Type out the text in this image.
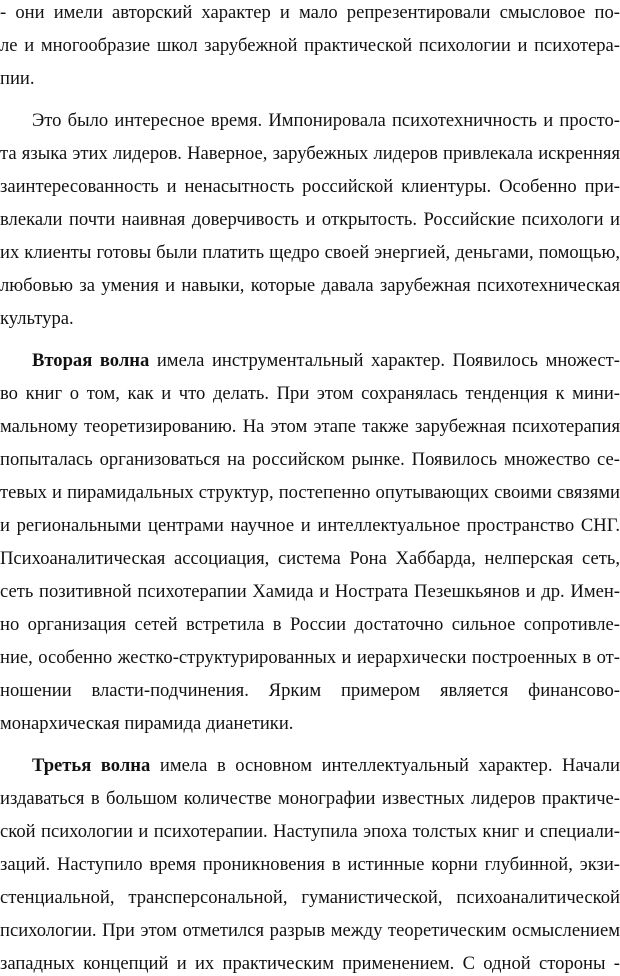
- они имели авторский характер и мало репрезентировали смысловое по-
ле и многообразие школ зарубежной практической психологии и психотера-
пии.
Это было интересное время. Импонировала психотехничность и просто-
та языка этих лидеров. Наверное, зарубежных лидеров привлекала искренняя
заинтересованность и ненасытность российской клиентуры. Особенно при-
влекали почти наивная доверчивость и открытость. Российские психологи и
их клиенты готовы были платить щедро своей энергией, деньгами, помощью,
любовью за умения и навыки, которые давала зарубежная психотехническая
культура.
Вторая волна имела инструментальный характер. Появилось множест-
во книг о том, как и что делать. При этом сохранялась тенденция к мини-
мальному теоретизированию. На этом этапе также зарубежная психотерапия
попыталась организоваться на российском рынке. Появилось множество се-
тевых и пирамидальных структур, постепенно опутывающих своими связями
и региональными центрами научное и интеллектуальное пространство СНГ.
Психоаналитическая ассоциация, система Рона Хаббарда, нелперская сеть,
сеть позитивной психотерапии Хамида и Нострата Пезешкьянов и др. Имен-
но организация сетей встретила в России достаточно сильное сопротивле-
ние, особенно жестко-структурированных и иерархически построенных в от-
ношении власти-подчинения. Ярким примером является финансово-
монархическая пирамида дианетики.
Третья волна имела в основном интеллектуальный характер. Начали
издаваться в большом количестве монографии известных лидеров практиче-
ской психологии и психотерапии. Наступила эпоха толстых книг и специали-
заций. Наступило время проникновения в истинные корни глубинной, экзи-
стенциальной, трансперсональной, гуманистической, психоаналитической
психологии. При этом отметился разрыв между теоретическим осмыслением
западных концепций и их практическим применением. С одной стороны -
